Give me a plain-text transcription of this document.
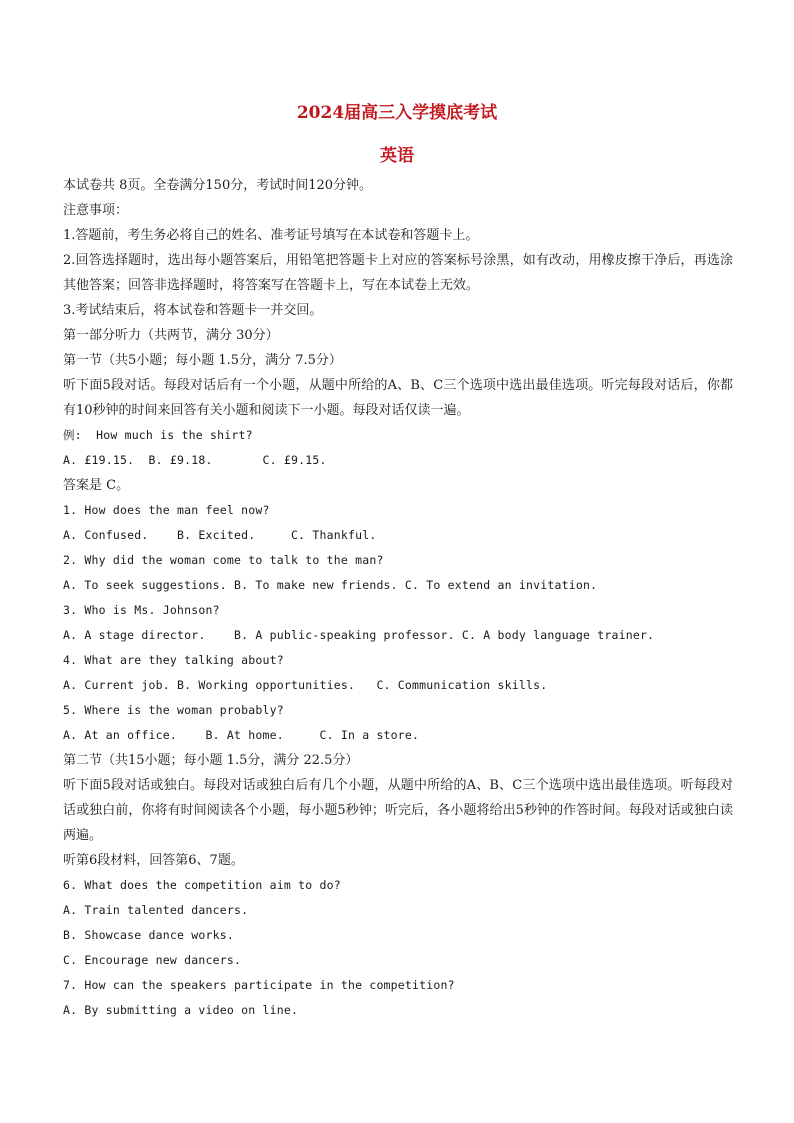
2024届高三入学摸底考试
英语
本试卷共 8页。全卷满分150分，考试时间120分钟。
注意事项：
1.答题前，考生务必将自己的姓名、准考证号填写在本试卷和答题卡上。
2.回答选择题时，选出每小题答案后，用铅笔把答题卡上对应的答案标号涂黑，如有改动，用橡皮擦干净后，再选涂其他答案；回答非选择题时，将答案写在答题卡上，写在本试卷上无效。
3.考试结束后，将本试卷和答题卡一并交回。
第一部分听力（共两节，满分 30分）
第一节（共5小题；每小题 1.5分，满分 7.5分）
听下面5段对话。每段对话后有一个小题，从题中所给的A、B、C三个选项中选出最佳选项。听完每段对话后，你都有10秒钟的时间来回答有关小题和阅读下一小题。每段对话仅读一遍。
例:  How much is the shirt?
A. £19.15.  B. £9.18.       C. £9.15.
答案是 C。
1. How does the man feel now?
A. Confused.    B. Excited.     C. Thankful.
2. Why did the woman come to talk to the man?
A. To seek suggestions. B. To make new friends. C. To extend an invitation.
3. Who is Ms. Johnson?
A. A stage director.    B. A public-speaking professor. C. A body language trainer.
4. What are they talking about?
A. Current job. B. Working opportunities.   C. Communication skills.
5. Where is the woman probably?
A. At an office.    B. At home.     C. In a store.
第二节（共15小题；每小题 1.5分，满分 22.5分）
听下面5段对话或独白。每段对话或独白后有几个小题，从题中所给的A、B、C三个选项中选出最佳选项。听每段对话或独白前，你将有时间阅读各个小题，每小题5秒钟；听完后，各小题将给出5秒钟的作答时间。每段对话或独白读两遍。
听第6段材料，回答第6、7题。
6. What does the competition aim to do?
A. Train talented dancers.
B. Showcase dance works.
C. Encourage new dancers.
7. How can the speakers participate in the competition?
A. By submitting a video on line.
